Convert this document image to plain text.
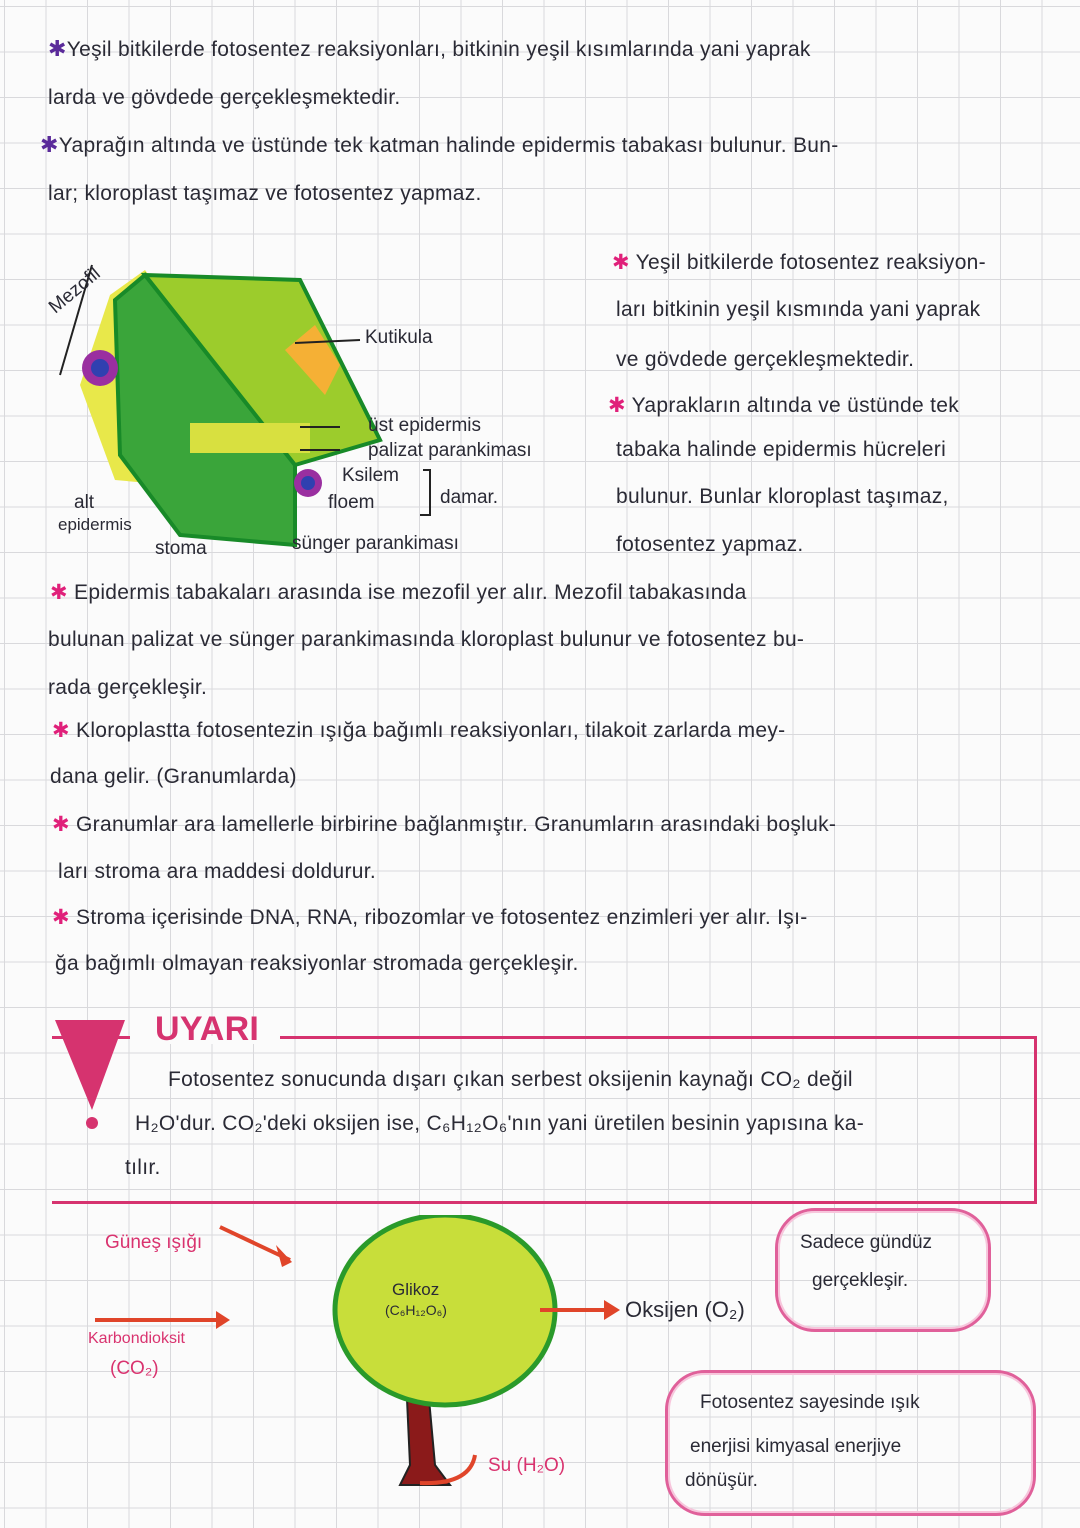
✱Yeşil bitkilerde fotosentez reaksiyonları, bitkinin yeşil kısımlarında yani yaprak
larda ve gövdede gerçekleşmektedir.
✱Yaprağın altında ve üstünde tek katman halinde epidermis tabakası bulunur. Bun-
lar; kloroplast taşımaz ve fotosentez yapmaz.
Mezofil
Kutikula
üst epidermis
palizat parankiması
Ksilem
floem	damar.
alt
epidermis
stoma	sünger parankiması
✱ Yeşil bitkilerde fotosentez reaksiyon-
ları bitkinin yeşil kısmında yani yaprak
ve gövdede gerçekleşmektedir.
✱ Yaprakların altında ve üstünde tek
tabaka halinde epidermis hücreleri
bulunur. Bunlar kloroplast taşımaz,
fotosentez yapmaz.
✱ Epidermis tabakaları arasında ise mezofil yer alır. Mezofil tabakasında
bulunan palizat ve sünger parankimasında kloroplast bulunur ve fotosentez bu-
rada gerçekleşir.
✱ Kloroplastta fotosentezin ışığa bağımlı reaksiyonları, tilakoit zarlarda mey-
dana gelir. (Granumlarda)
✱ Granumlar ara lamellerle birbirine bağlanmıştır. Granumların arasındaki boşluk-
ları stroma ara maddesi doldurur.
✱ Stroma içerisinde DNA, RNA, ribozomlar ve fotosentez enzimleri yer alır. Işı-
ğa bağımlı olmayan reaksiyonlar stromada gerçekleşir.
UYARI
Fotosentez sonucunda dışarı çıkan serbest oksijenin kaynağı CO₂ değil
H₂O'dur. CO₂'deki oksijen ise, C₆H₁₂O₆'nın yani üretilen besinin yapısına ka-
tılır.
Güneş ışığı
Karbondioksit
(CO₂)
Glikoz
(C₆H₁₂O₆)	Oksijen (O₂)
Su (H₂O)
Sadece gündüz
gerçekleşir.
Fotosentez sayesinde ışık
enerjisi kimyasal enerjiye
dönüşür.
